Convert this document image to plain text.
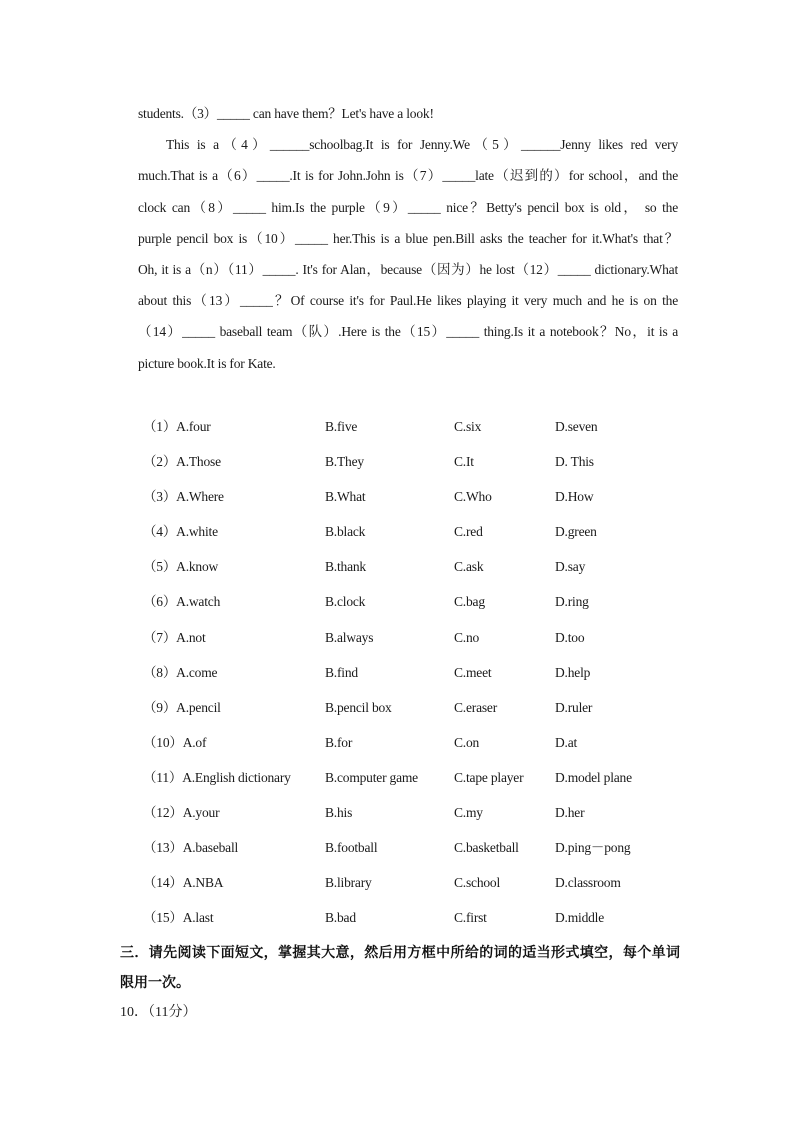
students.（3）_____ can have them？Let's have a look!
This is a（4）______schoolbag.It is for Jenny.We（5）______Jenny likes red very
much.That is a（6）_____.It is for John.John is（7）_____late（迟到的）for school，and the
clock can（8）_____ him.Is the purple（9）_____ nice？Betty's pencil box is old， so the
purple pencil box is（10）_____ her.This is a blue pen.Bill asks the teacher for it.What's that？
Oh, it is a（n）（11）_____. It's for Alan，because（因为）he lost（12）_____ dictionary.What
about this（13）_____？Of course it's for Paul.He likes playing it very much and he is on the
（14）_____ baseball team（队）.Here is the（15）_____ thing.Is it a notebook？No，it is a
picture book.It is for Kate.
（1）A.four	B.five	C.six	D.seven
（2）A.Those	B.They	C.It	D. This
（3）A.Where	B.What	C.Who	D.How
（4）A.white	B.black	C.red	D.green
（5）A.know	B.thank	C.ask	D.say
（6）A.watch	B.clock	C.bag	D.ring
（7）A.not	B.always	C.no	D.too
（8）A.come	B.find	C.meet	D.help
（9）A.pencil	B.pencil box	C.eraser	D.ruler
（10）A.of	B.for	C.on	D.at
（11）A.English dictionary	B.computer game	C.tape player D.model plane
（12）A.your	B.his	C.my	D.her
（13）A.baseball	B.football	C.basketball	D.ping－pong
（14）A.NBA	B.library	C.school	D.classroom
（15）A.last	B.bad	C.first	D.middle
三．请先阅读下面短文，掌握其大意，然后用方框中所给的词的适当形式填空，每个单词
限用一次。
10．（11分）
